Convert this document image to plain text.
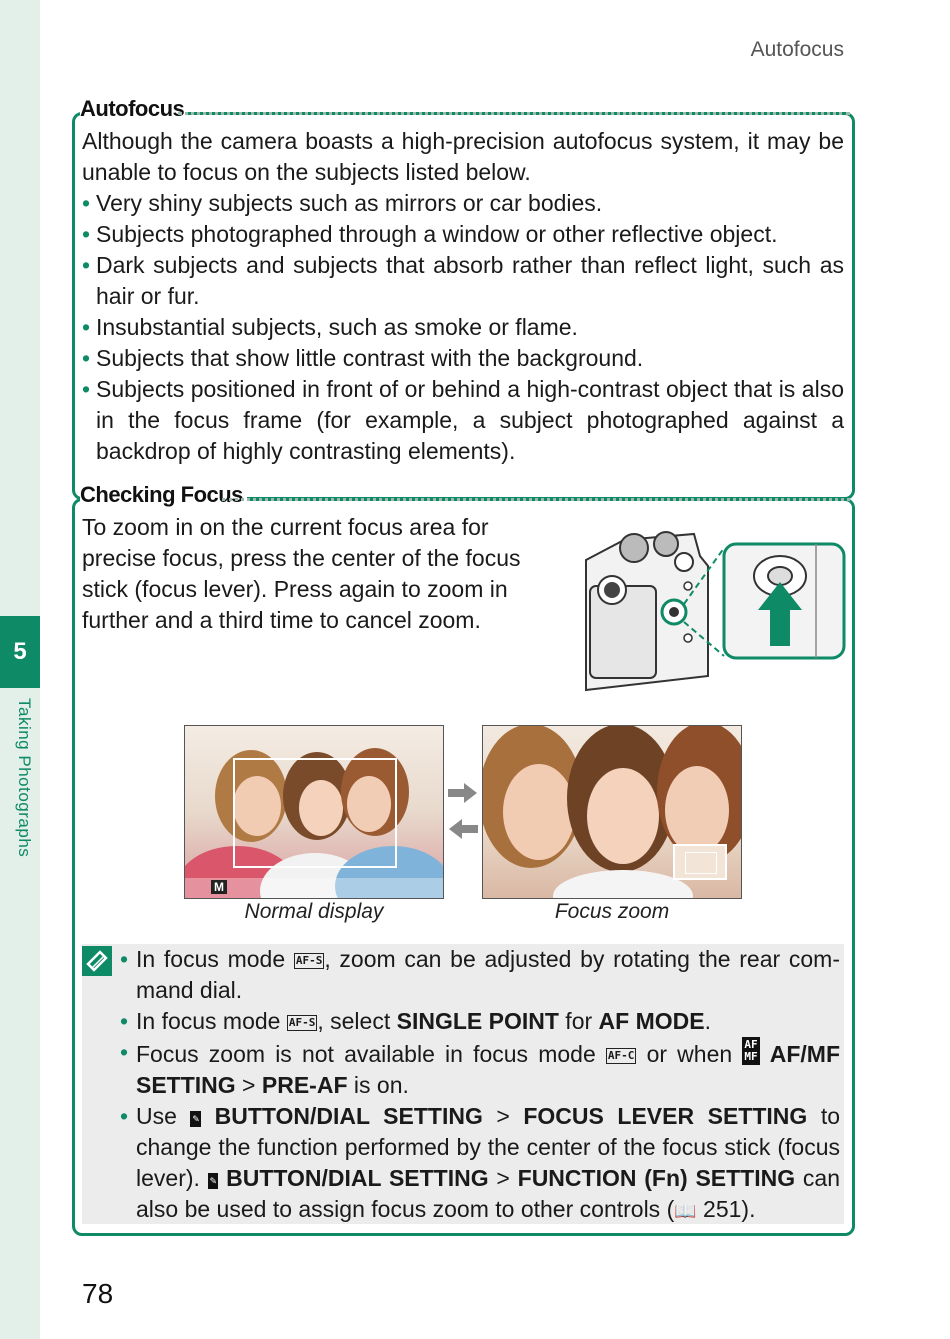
5
Taking Photographs
Autofocus
Autofocus
Although the camera boasts a high-precision autofocus system, it may be unable to focus on the subjects listed below.
• Very shiny subjects such as mirrors or car bodies.
• Subjects photographed through a window or other reflective object.
• Dark subjects and subjects that absorb rather than reflect light, such as hair or fur.
• Insubstantial subjects, such as smoke or flame.
• Subjects that show little contrast with the background.
• Subjects positioned in front of or behind a high-contrast object that is also in the focus frame (for example, a subject photographed against a backdrop of highly contrasting elements).
Checking Focus
To zoom in on the current focus area for precise focus, press the center of the focus stick (focus lever). Press again to zoom in further and a third time to cancel zoom.
M
Normal display	Focus zoom
• In focus mode AF-S, zoom can be adjusted by rotating the rear command dial.
• In focus mode AF-S, select SINGLE POINT for AF MODE.
• Focus zoom is not available in focus mode AF-C or when AF
MF AF/MF SETTING > PRE-AF is on.
• Use ✎ BUTTON/DIAL SETTING > FOCUS LEVER SETTING to change the function performed by the center of the focus stick (focus lever). ✎ BUTTON/DIAL SETTING > FUNCTION (Fn) SETTING can also be used to assign focus zoom to other controls (📖 251).
78
